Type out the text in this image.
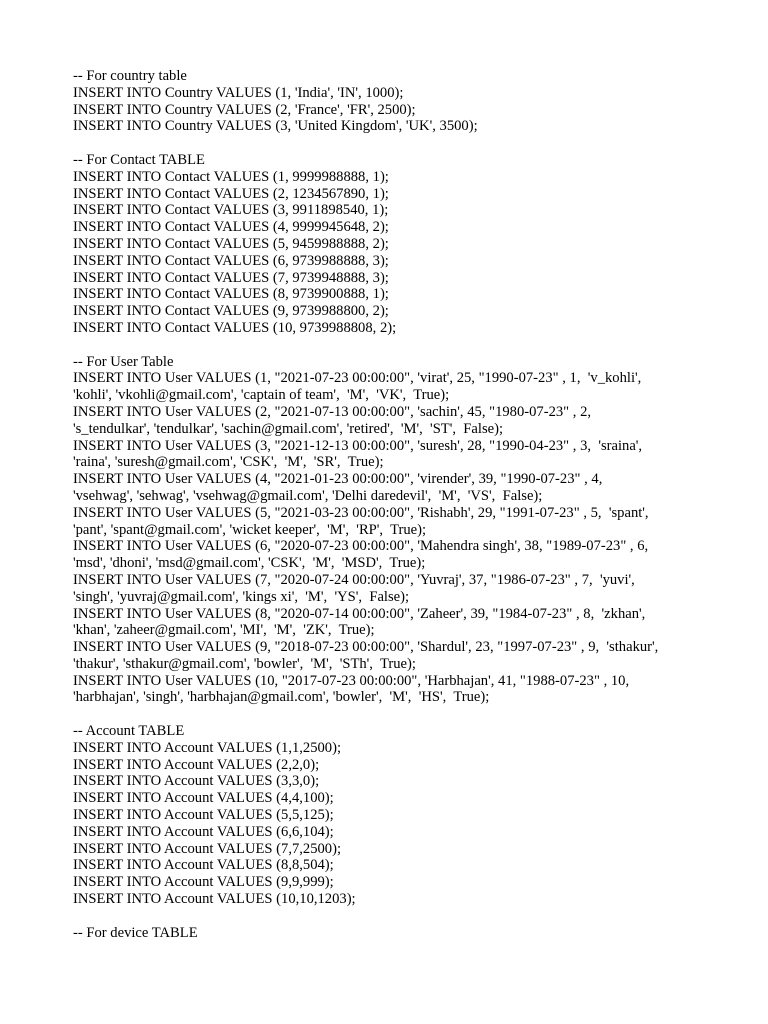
-- For country table
INSERT INTO Country VALUES (1, 'India', 'IN', 1000);
INSERT INTO Country VALUES (2, 'France', 'FR', 2500);
INSERT INTO Country VALUES (3, 'United Kingdom', 'UK', 3500);
-- For Contact TABLE
INSERT INTO Contact VALUES (1, 9999988888, 1);
INSERT INTO Contact VALUES (2, 1234567890, 1);
INSERT INTO Contact VALUES (3, 9911898540, 1);
INSERT INTO Contact VALUES (4, 9999945648, 2);
INSERT INTO Contact VALUES (5, 9459988888, 2);
INSERT INTO Contact VALUES (6, 9739988888, 3);
INSERT INTO Contact VALUES (7, 9739948888, 3);
INSERT INTO Contact VALUES (8, 9739900888, 1);
INSERT INTO Contact VALUES (9, 9739988800, 2);
INSERT INTO Contact VALUES (10, 9739988808, 2);
-- For User Table
INSERT INTO User VALUES (1, "2021-07-23 00:00:00", 'virat', 25, "1990-07-23" , 1,  'v_kohli',
'kohli', 'vkohli@gmail.com', 'captain of team',  'M',  'VK',  True);
INSERT INTO User VALUES (2, "2021-07-13 00:00:00", 'sachin', 45, "1980-07-23" , 2,
's_tendulkar', 'tendulkar', 'sachin@gmail.com', 'retired',  'M',  'ST',  False);
INSERT INTO User VALUES (3, "2021-12-13 00:00:00", 'suresh', 28, "1990-04-23" , 3,  'sraina',
'raina', 'suresh@gmail.com', 'CSK',  'M',  'SR',  True);
INSERT INTO User VALUES (4, "2021-01-23 00:00:00", 'virender', 39, "1990-07-23" , 4,
'vsehwag', 'sehwag', 'vsehwag@gmail.com', 'Delhi daredevil',  'M',  'VS',  False);
INSERT INTO User VALUES (5, "2021-03-23 00:00:00", 'Rishabh', 29, "1991-07-23" , 5,  'spant',
'pant', 'spant@gmail.com', 'wicket keeper',  'M',  'RP',  True);
INSERT INTO User VALUES (6, "2020-07-23 00:00:00", 'Mahendra singh', 38, "1989-07-23" , 6,
'msd', 'dhoni', 'msd@gmail.com', 'CSK',  'M',  'MSD',  True);
INSERT INTO User VALUES (7, "2020-07-24 00:00:00", 'Yuvraj', 37, "1986-07-23" , 7,  'yuvi',
'singh', 'yuvraj@gmail.com', 'kings xi',  'M',  'YS',  False);
INSERT INTO User VALUES (8, "2020-07-14 00:00:00", 'Zaheer', 39, "1984-07-23" , 8,  'zkhan',
'khan', 'zaheer@gmail.com', 'MI',  'M',  'ZK',  True);
INSERT INTO User VALUES (9, "2018-07-23 00:00:00", 'Shardul', 23, "1997-07-23" , 9,  'sthakur',
'thakur', 'sthakur@gmail.com', 'bowler',  'M',  'STh',  True);
INSERT INTO User VALUES (10, "2017-07-23 00:00:00", 'Harbhajan', 41, "1988-07-23" , 10,
'harbhajan', 'singh', 'harbhajan@gmail.com', 'bowler',  'M',  'HS',  True);
-- Account TABLE
INSERT INTO Account VALUES (1,1,2500);
INSERT INTO Account VALUES (2,2,0);
INSERT INTO Account VALUES (3,3,0);
INSERT INTO Account VALUES (4,4,100);
INSERT INTO Account VALUES (5,5,125);
INSERT INTO Account VALUES (6,6,104);
INSERT INTO Account VALUES (7,7,2500);
INSERT INTO Account VALUES (8,8,504);
INSERT INTO Account VALUES (9,9,999);
INSERT INTO Account VALUES (10,10,1203);
-- For device TABLE
